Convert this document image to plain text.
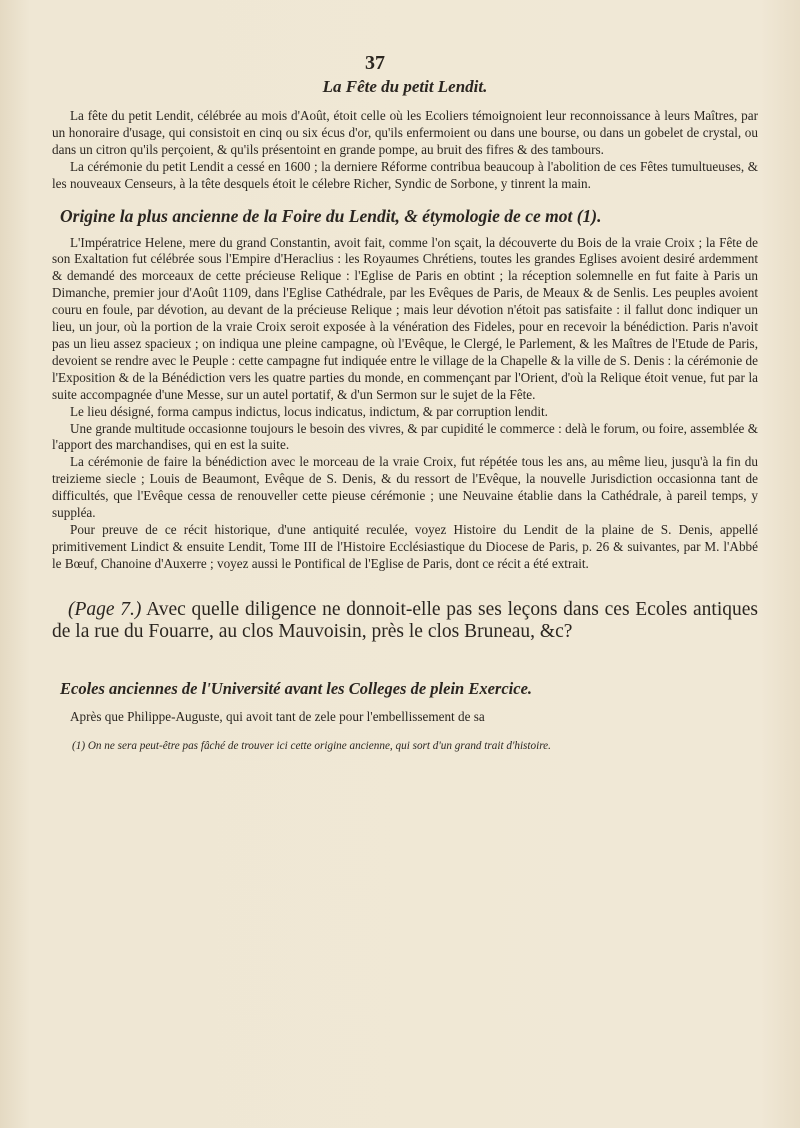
37
La Fête du petit Lendit.

La fête du petit Lendit, célébrée au mois d'Août, étoit celle où les Ecoliers témoignoient leur reconnoissance à leurs Maîtres, par un honoraire d'usage, qui consistoit en cinq ou six écus d'or, qu'ils enfermoient ou dans une bourse, ou dans un gobelet de crystal, ou dans un citron qu'ils perçoient, & qu'ils présentoint en grande pompe, au bruit des fifres & des tambours.

La cérémonie du petit Lendit a cessé en 1600 ; la derniere Réforme contribua beaucoup à l'abolition de ces Fêtes tumultueuses, & les nouveaux Censeurs, à la tête desquels étoit le célebre Richer, Syndic de Sorbone, y tinrent la main.

Origine la plus ancienne de la Foire du Lendit, & étymologie de ce mot (1).

L'Impératrice Helene, mere du grand Constantin, avoit fait, comme l'on sçait, la découverte du Bois de la vraie Croix ; la Fête de son Exaltation fut célébrée sous l'Empire d'Heraclius : les Royaumes Chrétiens, toutes les grandes Eglises avoient desiré ardemment & demandé des morceaux de cette précieuse Relique : l'Eglise de Paris en obtint ; la réception solemnelle en fut faite à Paris un Dimanche, premier jour d'Août 1109, dans l'Eglise Cathédrale, par les Evêques de Paris, de Meaux & de Senlis. Les peuples avoient couru en foule, par dévotion, au devant de la précieuse Relique ; mais leur dévotion n'étoit pas satisfaite : il fallut donc indiquer un lieu, un jour, où la portion de la vraie Croix seroit exposée à la vénération des Fideles, pour en recevoir la bénédiction. Paris n'avoit pas un lieu assez spacieux ; on indiqua une pleine campagne, où l'Evêque, le Clergé, le Parlement, & les Maîtres de l'Etude de Paris, devoient se rendre avec le Peuple : cette campagne fut indiquée entre le village de la Chapelle & la ville de S. Denis : la cérémonie de l'Exposition & de la Bénédiction vers les quatre parties du monde, en commençant par l'Orient, d'où la Relique étoit venue, fut par la suite accompagnée d'une Messe, sur un autel portatif, & d'un Sermon sur le sujet de la Fête.

Le lieu désigné, forma campus indictus, locus indicatus, indictum, & par corruption lendit.

Une grande multitude occasionne toujours le besoin des vivres, & par cupidité le commerce : delà le forum, ou foire, assemblée & l'apport des marchandises, qui en est la suite.

La cérémonie de faire la bénédiction avec le morceau de la vraie Croix, fut répétée tous les ans, au même lieu, jusqu'à la fin du treizieme siecle ; Louis de Beaumont, Evêque de S. Denis, & du ressort de l'Evêque, la nouvelle Jurisdiction occasionna tant de difficultés, que l'Evêque cessa de renouveller cette pieuse cérémonie ; une Neuvaine établie dans la Cathédrale, à pareil temps, y suppléa.

Pour preuve de ce récit historique, d'une antiquité reculée, voyez Histoire du Lendit de la plaine de S. Denis, appellé primitivement Lindict & ensuite Lendit, Tome III de l'Histoire Ecclésiastique du Diocese de Paris, p. 26 & suivantes, par M. l'Abbé le Bœuf, Chanoine d'Auxerre ; voyez aussi le Pontifical de l'Eglise de Paris, dont ce récit a été extrait.

(Page 7.) Avec quelle diligence ne donnoit-elle pas ses leçons dans ces Ecoles antiques de la rue du Fouarre, au clos Mauvoisin, près le clos Bruneau, &c?

Ecoles anciennes de l'Université avant les Colleges de plein Exercice.

Après que Philippe-Auguste, qui avoit tant de zele pour l'embellissement de sa

(1) On ne sera peut-être pas fâché de trouver ici cette origine ancienne, qui sort d'un grand trait d'histoire.
